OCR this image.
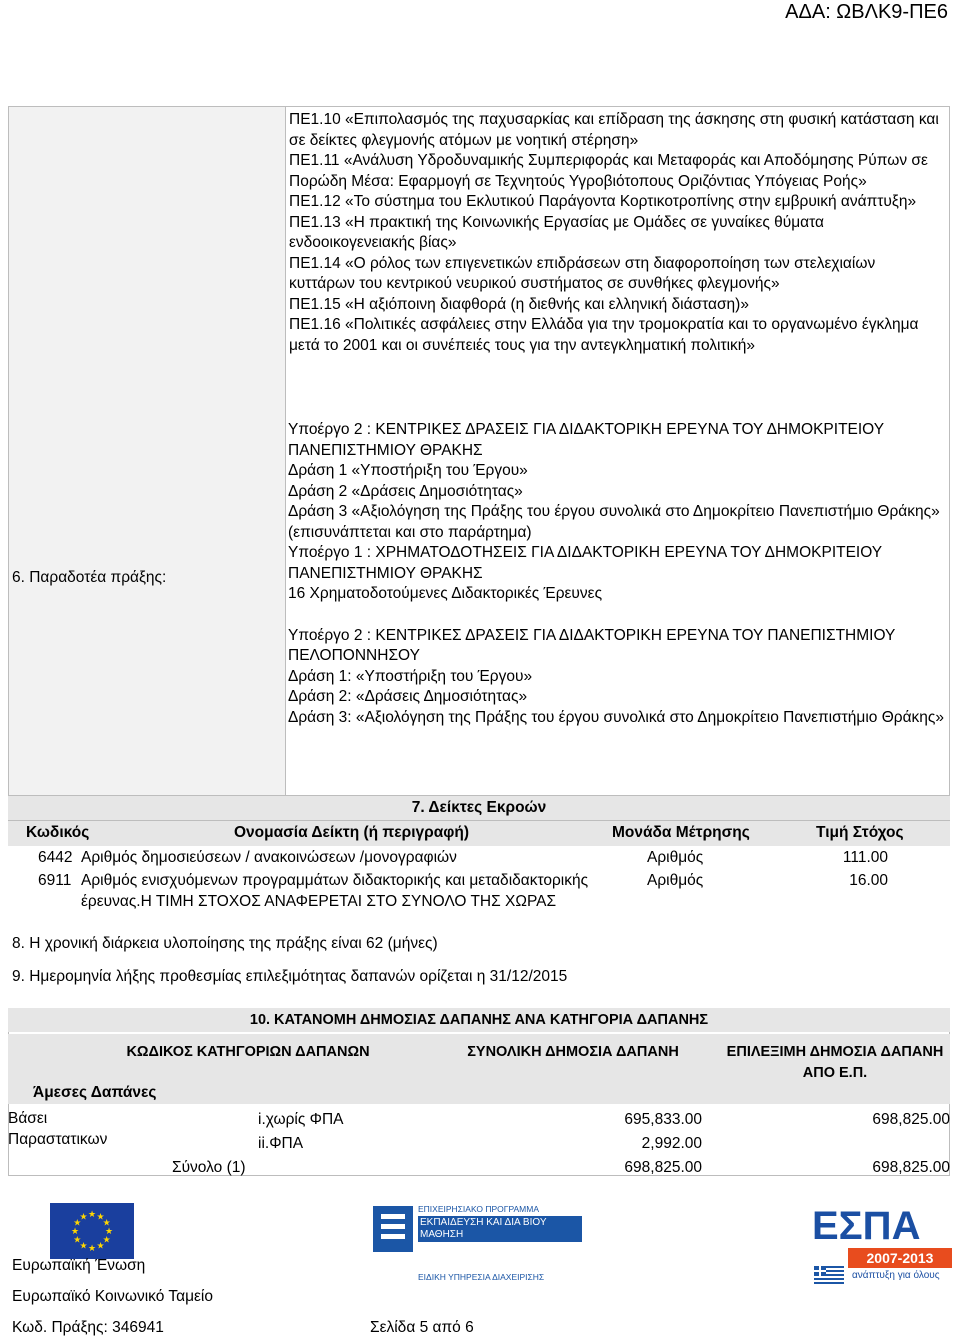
ΑΔΑ: ΩΒΛΚ9-ΠΕ6

ΠΕ1.10 «Επιπολασμός της παχυσαρκίας και επίδραση της άσκησης στη φυσική κατάσταση και σε δείκτες φλεγμονής ατόμων με νοητική στέρηση»

ΠΕ1.11 «Ανάλυση Υδροδυναμικής Συμπεριφοράς και Μεταφοράς και Αποδόμησης Ρύπων σε Πορώδη Μέσα: Εφαρμογή σε Τεχνητούς Υγροβιότοπους Οριζόντιας Υπόγειας Ροής»

ΠΕ1.12 «Το σύστημα του Εκλυτικού Παράγοντα Κορτικοτροπίνης στην εμβρυική ανάπτυξη»

ΠΕ1.13 «Η πρακτική της Κοινωνικής Εργασίας με Ομάδες σε γυναίκες θύματα ενδοοικογενειακής βίας»

ΠΕ1.14 «Ο ρόλος των επιγενετικών επιδράσεων στη διαφοροποίηση των στελεχιαίων κυττάρων του κεντρικού νευρικού συστήματος σε συνθήκες φλεγμονής»

ΠΕ1.15 «Η αξιόποινη διαφθορά (η διεθνής και ελληνική διάσταση)»

ΠΕ1.16 «Πολιτικές ασφάλειες στην Ελλάδα για την τρομοκρατία και το οργανωμένο έγκλημα μετά το 2001 και οι συνέπειές τους για την αντεγκληματική πολιτική»

6. Παραδοτέα πράξης:

Υποέργο 2 : ΚΕΝΤΡΙΚΕΣ ΔΡΑΣΕΙΣ ΓΙΑ ΔΙΔΑΚΤΟΡΙΚΗ ΕΡΕΥΝΑ ΤΟΥ ΔΗΜΟΚΡΙΤΕΙΟΥ ΠΑΝΕΠΙΣΤΗΜΙΟΥ ΘΡΑΚΗΣ

Δράση 1 «Υποστήριξη του Έργου»

Δράση 2 «Δράσεις Δημοσιότητας»

Δράση 3 «Αξιολόγηση της Πράξης του έργου συνολικά στο Δημοκρίτειο Πανεπιστήμιο Θράκης»

(επισυνάπτεται και στο παράρτημα)

Υποέργο 1 : ΧΡΗΜΑΤΟΔΟΤΗΣΕΙΣ ΓΙΑ ΔΙΔΑΚΤΟΡΙΚΗ ΕΡΕΥΝΑ ΤΟΥ ΔΗΜΟΚΡΙΤΕΙΟΥ ΠΑΝΕΠΙΣΤΗΜΙΟΥ ΘΡΑΚΗΣ

16 Χρηματοδοτούμενες Διδακτορικές Έρευνες

Υποέργο 2 : ΚΕΝΤΡΙΚΕΣ ΔΡΑΣΕΙΣ ΓΙΑ ΔΙΔΑΚΤΟΡΙΚΗ ΕΡΕΥΝΑ ΤΟΥ ΠΑΝΕΠΙΣΤΗΜΙΟΥ ΠΕΛΟΠΟΝΝΗΣΟΥ

Δράση 1: «Υποστήριξη του Έργου»

Δράση 2: «Δράσεις Δημοσιότητας»

Δράση 3: «Αξιολόγηση της Πράξης του έργου συνολικά στο Δημοκρίτειο Πανεπιστήμιο Θράκης»

7. Δείκτες Εκροών
Κωδικός	Ονομασία Δείκτη (ή περιγραφή)	Μονάδα Μέτρησης	Τιμή Στόχος
6442 Αριθμός δημοσιεύσεων / ανακοινώσεων /μονογραφιών	Αριθμός	111.00
6911 Αριθμός ενισχυόμενων προγραμμάτων διδακτορικής και μεταδιδακτορικής έρευνας.Η ΤΙΜΗ ΣΤΟΧΟΣ ΑΝΑΦΕΡΕΤΑΙ ΣΤΟ ΣΥΝΟΛΟ ΤΗΣ ΧΩΡΑΣ
Αριθμός	16.00
8. Η χρονική διάρκεια υλοποίησης της πράξης είναι 62 (μήνες)
9. Ημερομηνία λήξης προθεσμίας επιλεξιμότητας δαπανών ορίζεται η 31/12/2015
10. ΚΑΤΑΝΟΜΗ ΔΗΜΟΣΙΑΣ ΔΑΠΑΝΗΣ ΑΝΑ ΚΑΤΗΓΟΡΙΑ ΔΑΠΑΝΗΣ
ΚΩΔΙΚΟΣ ΚΑΤΗΓΟΡΙΩΝ ΔΑΠΑΝΩΝ	ΣΥΝΟΛΙΚΗ ΔΗΜΟΣΙΑ ΔΑΠΑΝΗ	ΕΠΙΛΕΞΙΜΗ ΔΗΜΟΣΙΑ ΔΑΠΑΝΗ ΑΠΟ Ε.Π.
Άμεσες Δαπάνες
Βάσει Παραστατικων
i.χωρίς ΦΠΑ	695,833.00	698,825.00
ii.ΦΠΑ	2,992.00
Σύνολο (1)	698,825.00	698,825.00
★ ★
★
★
★
★
★
★
★
★
★
★
Ευρωπαϊκή Ένωση
Ευρωπαϊκό Κοινωνικό Ταμείο
ΕΠΙΧΕΙΡΗΣΙΑΚΟ ΠΡΟΓΡΑΜΜΑ
ΕΚΠΑΙΔΕΥΣΗ ΚΑΙ ΔΙΑ ΒΙΟΥ ΜΑΘΗΣΗ
ΕΙΔΙΚΗ ΥΠΗΡΕΣΙΑ ΔΙΑΧΕΙΡΙΣΗΣ
ΕΣΠΑ
2007-2013
ανάπτυξη για όλους
Κωδ. Πράξης: 346941	Σελίδα 5 από 6
